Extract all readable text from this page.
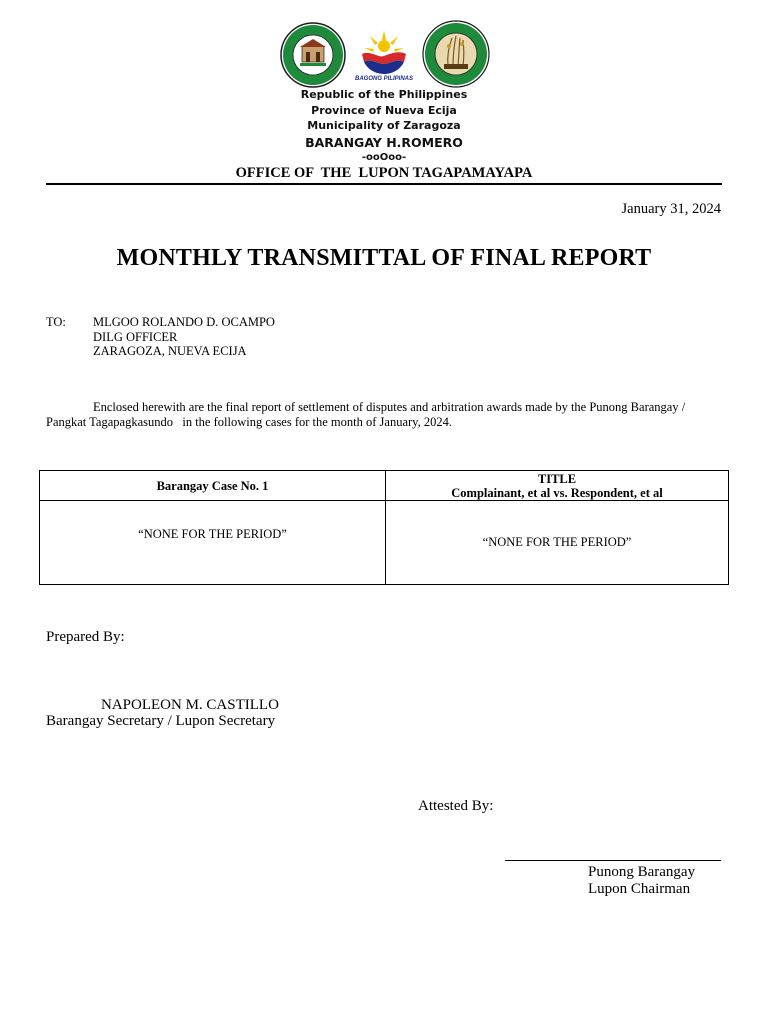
BAGONG PILIPINAS
Republic of the Philippines
Province of Nueva Ecija
Municipality of Zaragoza
BARANGAY H.ROMERO
-ooOoo-
OFFICE OF  THE  LUPON TAGAPAMAYAPA
January 31, 2024
MONTHLY TRANSMITTAL OF FINAL REPORT
TO: MLGOO ROLANDO D. OCAMPO
DILG OFFICER
ZARAGOZA, NUEVA ECIJA
Enclosed herewith are the final report of settlement of disputes and arbitration awards made by the Punong Barangay /
Pangkat Tagapagkasundo   in the following cases for the month of January, 2024.
Barangay Case No. 1	TITLE
Complainant, et al vs. Respondent, et al

“NONE FOR THE PERIOD”	“NONE FOR THE PERIOD”
Prepared By:
NAPOLEON M. CASTILLO
Barangay Secretary / Lupon Secretary
Attested By:
Punong Barangay
Lupon Chairman
